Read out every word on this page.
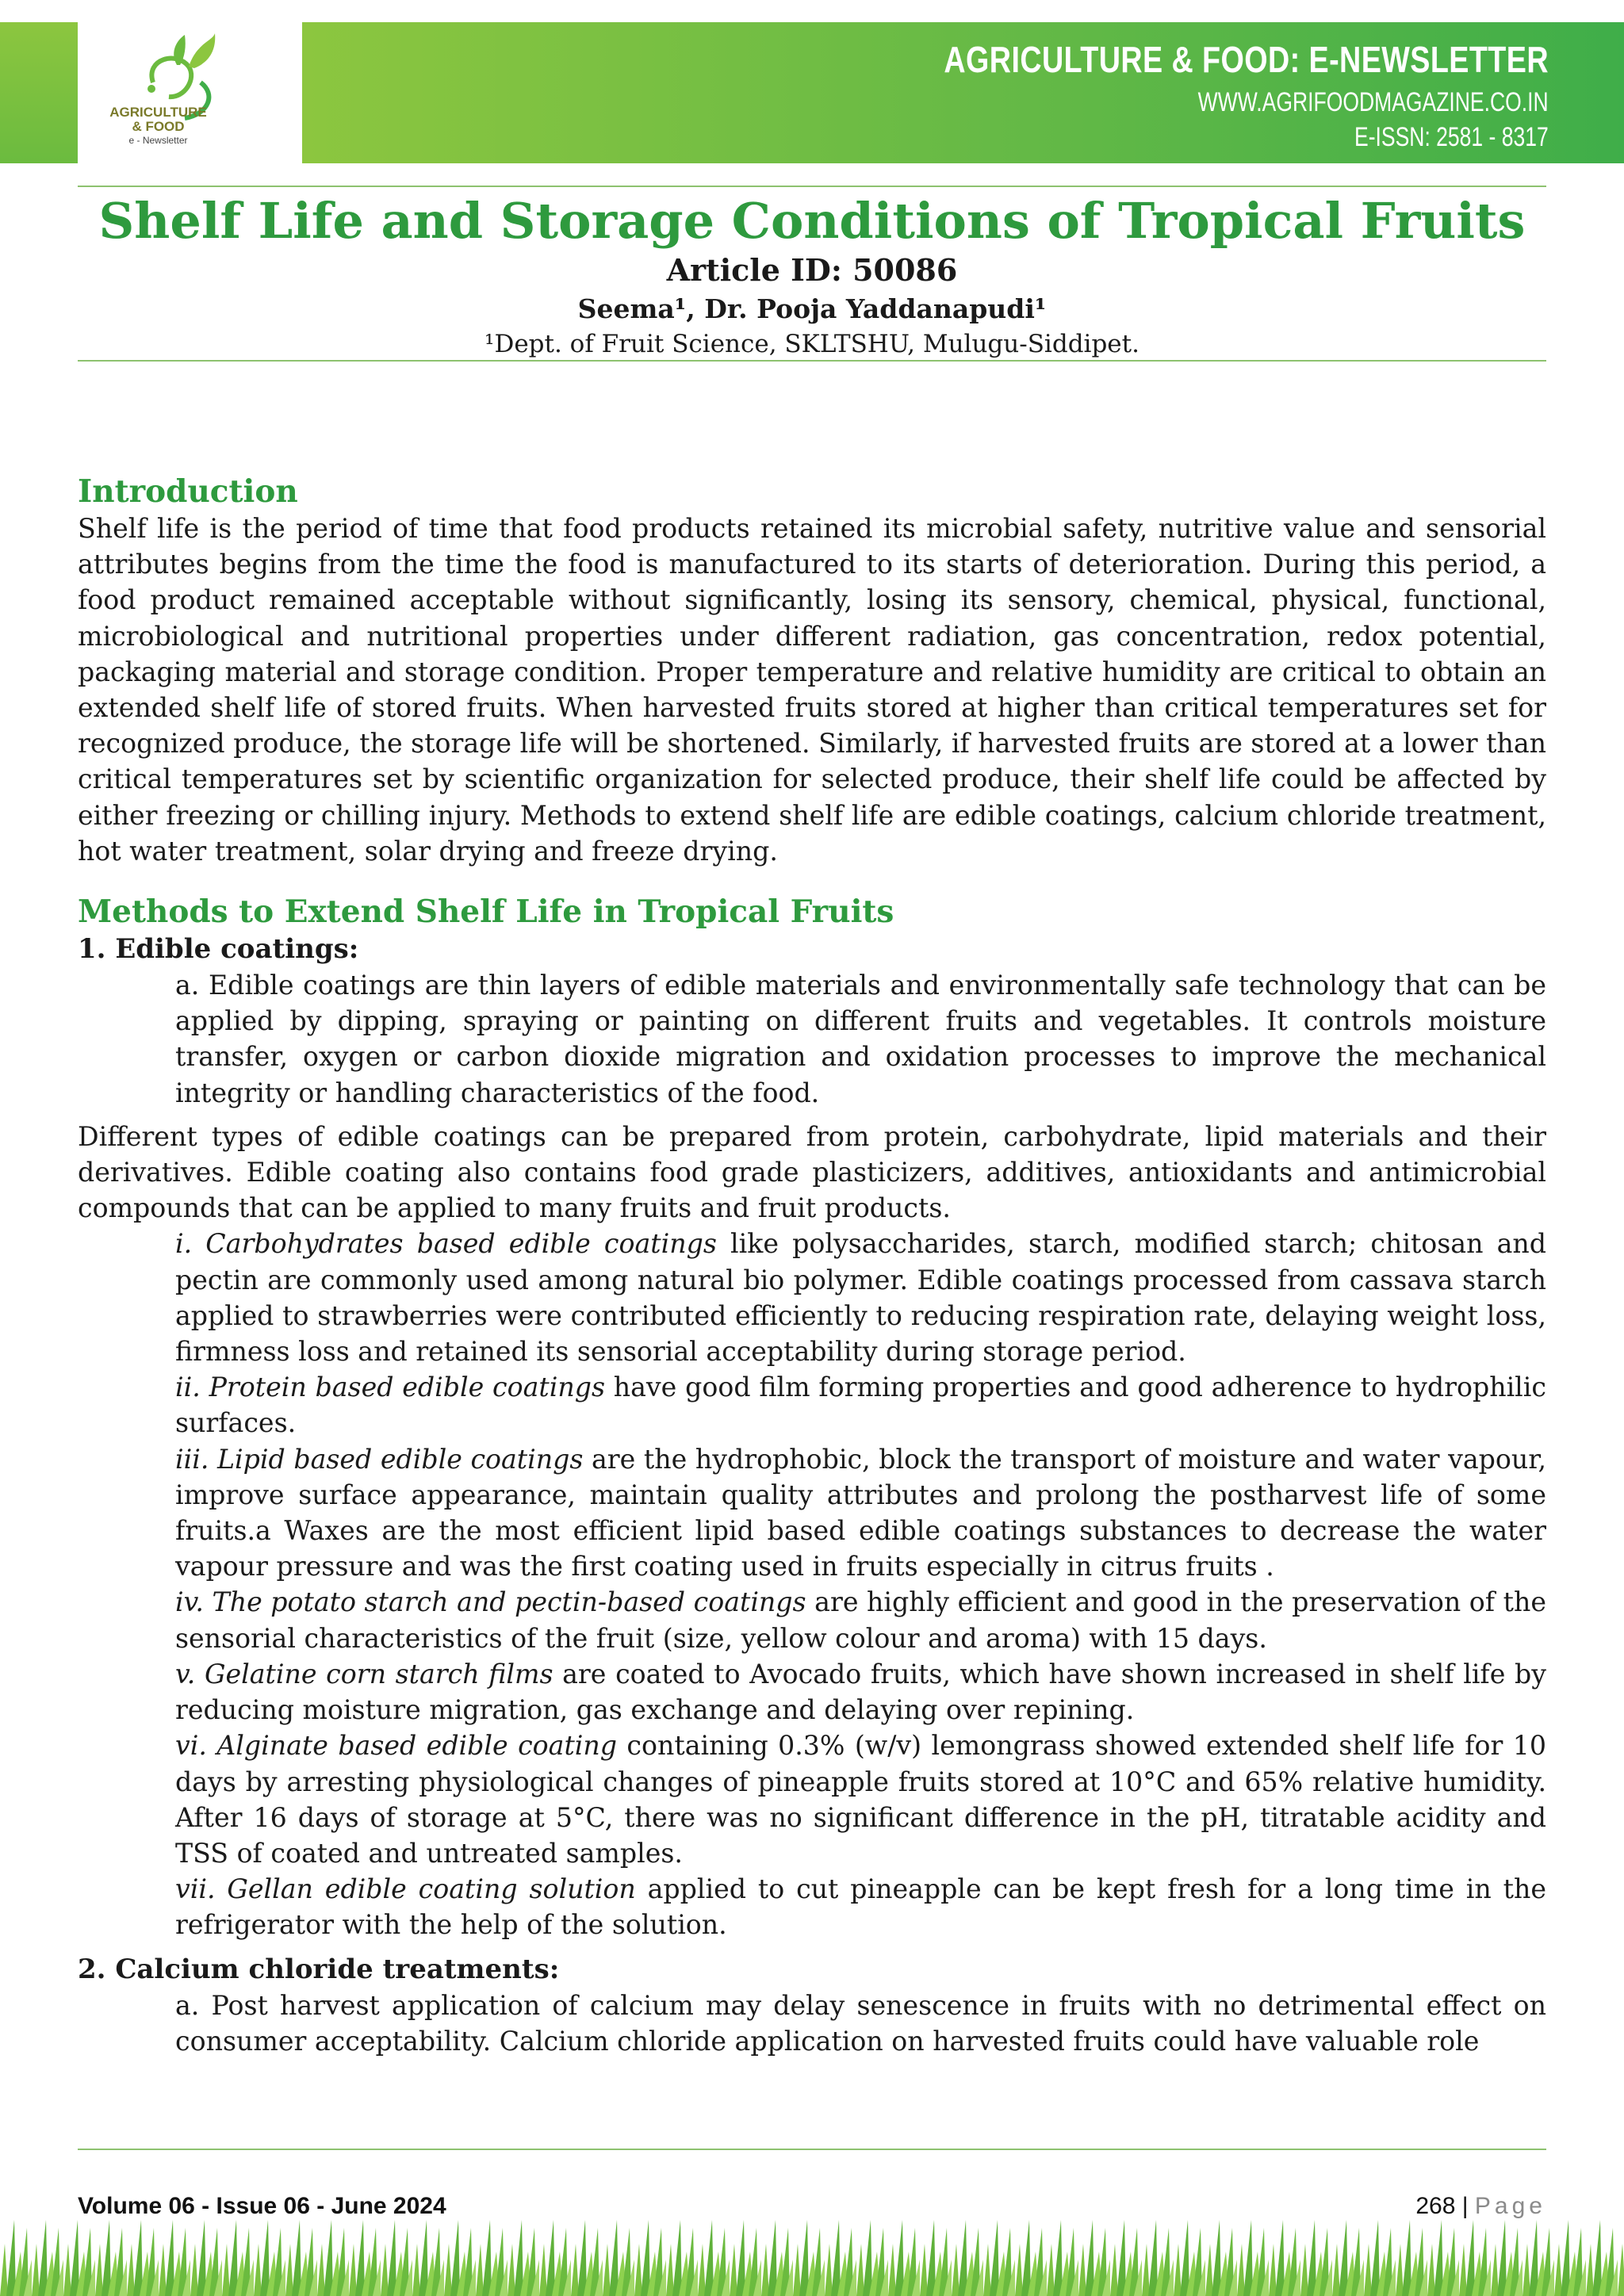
AGRICULTURE
& FOOD
e - Newsletter
AGRICULTURE & FOOD: E-NEWSLETTER
WWW.AGRIFOODMAGAZINE.CO.IN
E-ISSN: 2581 - 8317
Shelf Life and Storage Conditions of Tropical Fruits
Article ID: 50086
Seema¹, Dr. Pooja Yaddanapudi¹
¹Dept. of Fruit Science, SKLTSHU, Mulugu-Siddipet.
Introduction

Shelf life is the period of time that food products retained its microbial safety, nutritive value and sensorial attributes begins from the time the food is manufactured to its starts of deterioration. During this period, a food product remained acceptable without significantly, losing its sensory, chemical, physical, functional, microbiological and nutritional properties under different radiation, gas concentration, redox potential, packaging material and storage condition. Proper temperature and relative humidity are critical to obtain an extended shelf life of stored fruits. When harvested fruits stored at higher than critical temperatures set for recognized produce, the storage life will be shortened. Similarly, if harvested fruits are stored at a lower than critical temperatures set by scientific organization for selected produce, their shelf life could be affected by either freezing or chilling injury. Methods to extend shelf life are edible coatings, calcium chloride treatment, hot water treatment, solar drying and freeze drying.

Methods to Extend Shelf Life in Tropical Fruits
1. Edible coatings:

a. Edible coatings are thin layers of edible materials and environmentally safe technology that can be applied by dipping, spraying or painting on different fruits and vegetables. It controls moisture transfer, oxygen or carbon dioxide migration and oxidation processes to improve the mechanical integrity or handling characteristics of the food.

Different types of edible coatings can be prepared from protein, carbohydrate, lipid materials and their derivatives. Edible coating also contains food grade plasticizers, additives, antioxidants and antimicrobial compounds that can be applied to many fruits and fruit products.

i. Carbohydrates based edible coatings like polysaccharides, starch, modified starch; chitosan and pectin are commonly used among natural bio polymer. Edible coatings processed from cassava starch applied to strawberries were contributed efficiently to reducing respiration rate, delaying weight loss, firmness loss and retained its sensorial acceptability during storage period.

ii. Protein based edible coatings have good film forming properties and good adherence to hydrophilic surfaces.

iii. Lipid based edible coatings are the hydrophobic, block the transport of moisture and water vapour, improve surface appearance, maintain quality attributes and prolong the postharvest life of some fruits.a Waxes are the most efficient lipid based edible coatings substances to decrease the water vapour pressure and was the first coating used in fruits especially in citrus fruits .

iv. The potato starch and pectin-based coatings are highly efficient and good in the preservation of the sensorial characteristics of the fruit (size, yellow colour and aroma) with 15 days.

v. Gelatine corn starch films are coated to Avocado fruits, which have shown increased in shelf life by reducing moisture migration, gas exchange and delaying over repining.

vi. Alginate based edible coating containing 0.3% (w/v) lemongrass showed extended shelf life for 10 days by arresting physiological changes of pineapple fruits stored at 10°C and 65% relative humidity. After 16 days of storage at 5°C, there was no significant difference in the pH, titratable acidity and TSS of coated and untreated samples.

vii. Gellan edible coating solution applied to cut pineapple can be kept fresh for a long time in the refrigerator with the help of the solution.

2. Calcium chloride treatments:

a. Post harvest application of calcium may delay senescence in fruits with no detrimental effect on consumer acceptability. Calcium chloride application on harvested fruits could have valuable role

Volume 06 - Issue 06 - June 2024	268 | Page
